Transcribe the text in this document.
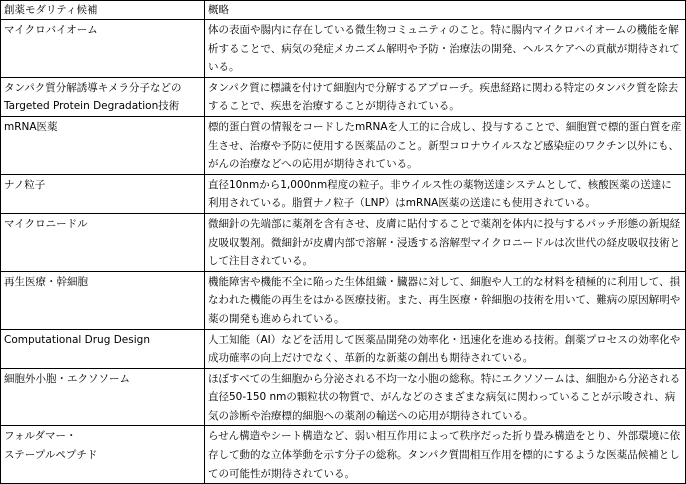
創薬モダリティ候補	概略
マイクロバイオーム	体の表面や腸内に存在している微生物コミュニティのこと。特に腸内マイクロバイオームの機能を解析することで、病気の発症メカニズム解明や予防・治療法の開発、ヘルスケアへの貢献が期待されている。
タンパク質分解誘導キメラ分子などの
Targeted Protein Degradation技術	タンパク質に標識を付けて細胞内で分解するアプローチ。疾患経路に関わる特定のタンパク質を除去することで、疾患を治療することが期待されている。
mRNA医薬	標的蛋白質の情報をコードしたmRNAを人工的に合成し、投与することで、細胞質で標的蛋白質を産生させ、治療や予防に使用する医薬品のこと。新型コロナウイルスなど感染症のワクチン以外にも、がんの治療などへの応用が期待されている。
ナノ粒子	直径10nmから1,000nm程度の粒子。非ウイルス性の薬物送達システムとして、核酸医薬の送達に利用されている。脂質ナノ粒子（LNP）はmRNA医薬の送達にも使用されている。
マイクロニードル	微細針の先端部に薬剤を含有させ、皮膚に貼付することで薬剤を体内に投与するパッチ形態の新規経皮吸収製剤。微細針が皮膚内部で溶解・浸透する溶解型マイクロニードルは次世代の経皮吸収技術として注目されている。
再生医療・幹細胞	機能障害や機能不全に陥った生体組織・臓器に対して、細胞や人工的な材料を積極的に利用して、損なわれた機能の再生をはかる医療技術。また、再生医療・幹細胞の技術を用いて、難病の原因解明や薬の開発も進められている。
Computational Drug Design	人工知能（AI）などを活用して医薬品開発の効率化・迅速化を進める技術。創薬プロセスの効率化や成功確率の向上だけでなく、革新的な新薬の創出も期待されている。
細胞外小胞・エクソソーム	ほぼすべての生細胞から分泌される不均一な小胞の総称。特にエクソソームは、細胞から分泌される直径50-150 nmの顆粒状の物質で、がんなどのさまざまな病気に関わっていることが示唆され、病気の診断や治療標的細胞への薬剤の輸送への応用が期待されている。
フォルダマー・
ステープルペプチド	らせん構造やシート構造など、弱い相互作用によって秩序だった折り畳み構造をとり、外部環境に依存して動的な立体挙動を示す分子の総称。タンパク質間相互作用を標的にするような医薬品候補としての可能性が期待されている。
